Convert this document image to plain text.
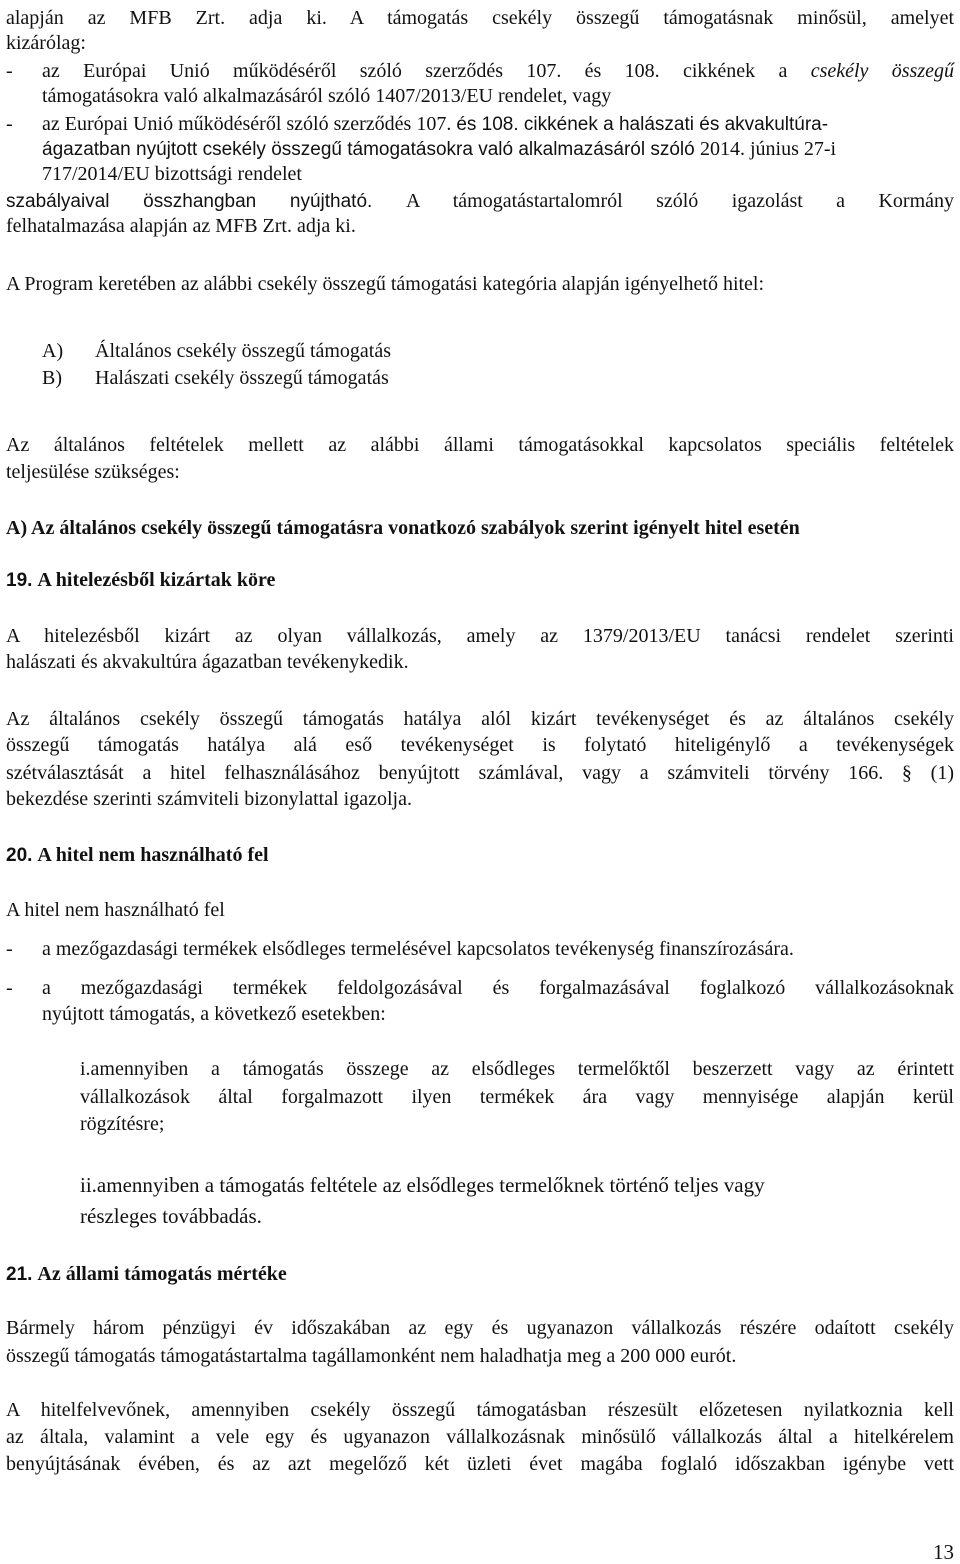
alapján az MFB Zrt. adja ki. A támogatás csekély összegű támogatásnak minősül, amelyet
kizárólag:
- az Európai Unió működéséről szóló szerződés 107. és 108. cikkének a csekély összegű
támogatásokra való alkalmazásáról szóló 1407/2013/EU rendelet, vagy
- az Európai Unió működéséről szóló szerződés 107. és 108. cikkének a halászati és akvakultúra-
ágazatban nyújtott csekély összegű támogatásokra való alkalmazásáról szóló 2014. június 27-i
717/2014/EU bizottsági rendelet
szabályaival összhangban nyújtható. A támogatástartalomról szóló igazolást a Kormány
felhatalmazása alapján az MFB Zrt. adja ki.
A Program keretében az alábbi csekély összegű támogatási kategória alapján igényelhető hitel:
A) Általános csekély összegű támogatás
B) Halászati csekély összegű támogatás
Az általános feltételek mellett az alábbi állami támogatásokkal kapcsolatos speciális feltételek
teljesülése szükséges:
A) Az általános csekély összegű támogatásra vonatkozó szabályok szerint igényelt hitel esetén
19. A hitelezésből kizártak köre
A hitelezésből kizárt az olyan vállalkozás, amely az 1379/2013/EU tanácsi rendelet szerinti
halászati és akvakultúra ágazatban tevékenykedik.
Az általános csekély összegű támogatás hatálya alól kizárt tevékenységet és az általános csekély
összegű támogatás hatálya alá eső tevékenységet is folytató hiteligénylő a tevékenységek
szétválasztását a hitel felhasználásához benyújtott számlával, vagy a számviteli törvény 166. § (1)
bekezdése szerinti számviteli bizonylattal igazolja.
20. A hitel nem használható fel
A hitel nem használható fel
- a mezőgazdasági termékek elsődleges termelésével kapcsolatos tevékenység finanszírozására.
- a mezőgazdasági termékek feldolgozásával és forgalmazásával foglalkozó vállalkozásoknak
nyújtott támogatás, a következő esetekben:
i.amennyiben a támogatás összege az elsődleges termelőktől beszerzett vagy az érintett
vállalkozások által forgalmazott ilyen termékek ára vagy mennyisége alapján kerül
rögzítésre;
ii.amennyiben a támogatás feltétele az elsődleges termelőknek történő teljes vagy
részleges továbbadás.
21. Az állami támogatás mértéke
Bármely három pénzügyi év időszakában az egy és ugyanazon vállalkozás részére odaított csekély
összegű támogatás támogatástartalma tagállamonként nem haladhatja meg a 200 000 eurót.
A hitelfelvevőnek, amennyiben csekély összegű támogatásban részesült előzetesen nyilatkoznia kell
az általa, valamint a vele egy és ugyanazon vállalkozásnak minősülő vállalkozás által a hitelkérelem
benyújtásának évében, és az azt megelőző két üzleti évet magába foglaló időszakban igénybe vett
13
